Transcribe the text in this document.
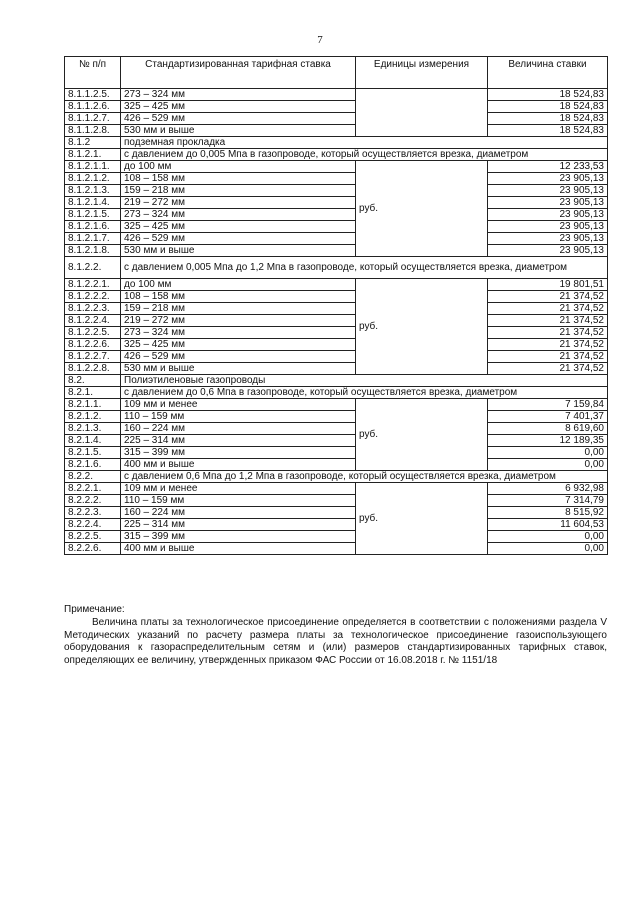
7
№ п/п	Стандартизированная тарифная ставка	Единицы измерения	Величина ставки
8.1.1.2.5.	273 – 324 мм		18 524,83
8.1.1.2.6.	325 – 425 мм		18 524,83
8.1.1.2.7.	426 – 529 мм		18 524,83
8.1.1.2.8.	530 мм и выше		18 524,83
8.1.2	подземная прокладка		
8.1.2.1.	с давлением до 0,005 Мпа в газопроводе, который осуществляется врезка, диаметром		
8.1.2.1.1.	до 100 мм	руб.	12 233,53
8.1.2.1.2.	108 – 158 мм		23 905,13
8.1.2.1.3.	159 – 218 мм		23 905,13
8.1.2.1.4.	219 – 272 мм		23 905,13
8.1.2.1.5.	273 – 324 мм		23 905,13
8.1.2.1.6.	325 – 425 мм		23 905,13
8.1.2.1.7.	426 – 529 мм		23 905,13
8.1.2.1.8.	530 мм и выше		23 905,13
8.1.2.2.	с давлением 0,005 Мпа до 1,2 Мпа в газопроводе, который осуществляется врезка, диаметром		
8.1.2.2.1.	до 100 мм	руб.	19 801,51
8.1.2.2.2.	108 – 158 мм		21 374,52
8.1.2.2.3.	159 – 218 мм		21 374,52
8.1.2.2.4.	219 – 272 мм		21 374,52
8.1.2.2.5.	273 – 324 мм		21 374,52
8.1.2.2.6.	325 – 425 мм		21 374,52
8.1.2.2.7.	426 – 529 мм		21 374,52
8.1.2.2.8.	530 мм и выше		21 374,52
8.2.	Полиэтиленовые газопроводы		
8.2.1.	с давлением до 0,6 Мпа в газопроводе, который осуществляется врезка, диаметром		
8.2.1.1.	109 мм и менее	руб.	7 159,84
8.2.1.2.	110 – 159 мм		7 401,37
8.2.1.3.	160 – 224 мм		8 619,60
8.2.1.4.	225 – 314 мм		12 189,35
8.2.1.5.	315 – 399 мм		0,00
8.2.1.6.	400 мм и выше		0,00
8.2.2.	с давлением 0,6 Мпа до 1,2 Мпа в газопроводе, который осуществляется врезка, диаметром		
8.2.2.1.	109 мм и менее	руб.	6 932,98
8.2.2.2.	110 – 159 мм		7 314,79
8.2.2.3.	160 – 224 мм		8 515,92
8.2.2.4.	225 – 314 мм		11 604,53
8.2.2.5.	315 – 399 мм		0,00
8.2.2.6.	400 мм и выше		0,00
Примечание:
Величина платы за технологическое присоединение определяется в соответствии с положениями раздела V Методических указаний по расчету размера платы за технологическое присоединение газоиспользующего оборудования к газораспределительным сетям и (или) размеров стандартизированных тарифных ставок, определяющих ее величину, утвержденных приказом ФАС России от 16.08.2018 г. № 1151/18
